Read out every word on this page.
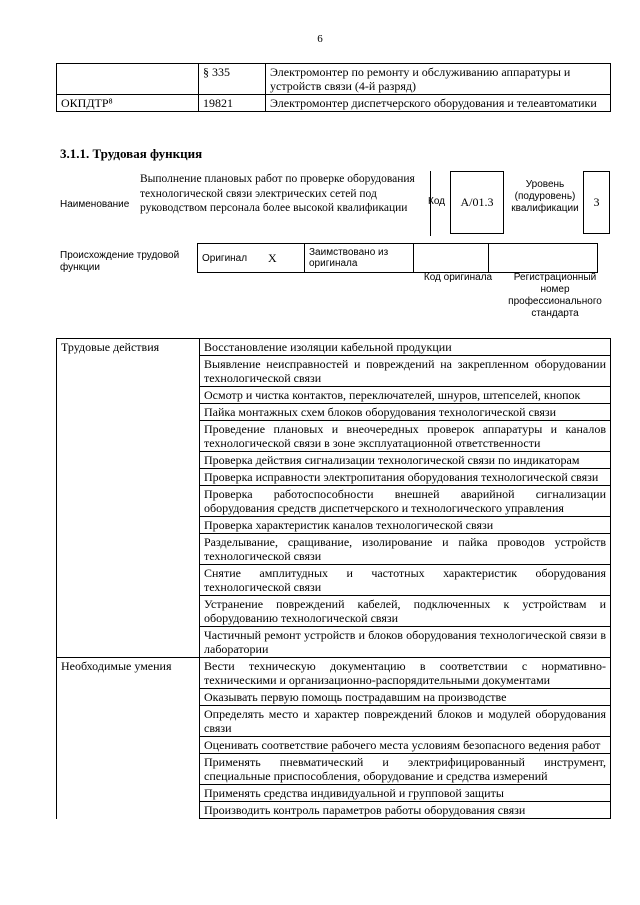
6
	§ 335	Электромонтер по ремонту и обслуживанию аппаратуры и устройств связи (4-й разряд)
ОКПДТР⁸	19821	Электромонтер диспетчерского оборудования и телеавтоматики
3.1.1. Трудовая функция
Наименование
Выполнение плановых работ по проверке оборудования технологической связи электрических сетей под руководством персонала более высокой квалификации
Код	А/01.3
Уровень (подуровень) квалификации	3
Происхождение трудовой функции
Оригинал	X	Заимствовано из оригинала		
Код оригинала	Регистрационный номер профессионального стандарта
Трудовые действия	Восстановление изоляции кабельной продукции
	Выявление неисправностей и повреждений на закрепленном оборудовании технологической связи
	Осмотр и чистка контактов, переключателей, шнуров, штепселей, кнопок
	Пайка монтажных схем блоков оборудования технологической связи
	Проведение плановых и внеочередных проверок аппаратуры и каналов технологической связи в зоне эксплуатационной ответственности
	Проверка действия сигнализации технологической связи по индикаторам
	Проверка исправности электропитания оборудования технологической связи
	Проверка работоспособности внешней аварийной сигнализации оборудования средств диспетчерского и технологического управления
	Проверка характеристик каналов технологической связи
	Разделывание, сращивание, изолирование и пайка проводов устройств технологической связи
	Снятие амплитудных и частотных характеристик оборудования технологической связи
	Устранение повреждений кабелей, подключенных к устройствам и оборудованию технологической связи
	Частичный ремонт устройств и блоков оборудования технологической связи в лаборатории
Необходимые умения	Вести техническую документацию в соответствии с нормативно-техническими и организационно-распорядительными документами
	Оказывать первую помощь пострадавшим на производстве
	Определять место и характер повреждений блоков и модулей оборудования связи
	Оценивать соответствие рабочего места условиям безопасного ведения работ
	Применять пневматический и электрифицированный инструмент, специальные приспособления, оборудование и средства измерений
	Применять средства индивидуальной и групповой защиты
	Производить контроль параметров работы оборудования связи
